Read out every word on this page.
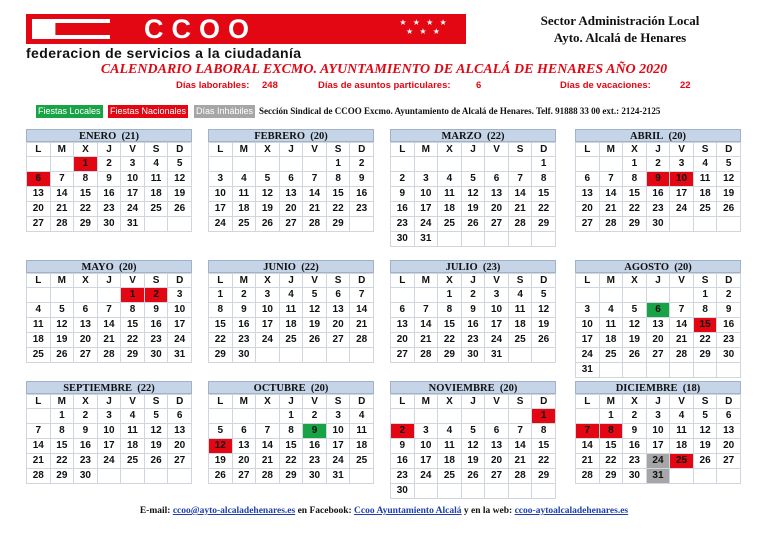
CCOO	★ ★ ★ ★
★ ★ ★
federacion de servicios a la ciudadanía
Sector Administración Local
Ayto. Alcalá de Henares
CALENDARIO LABORAL EXCMO. AYUNTAMIENTO DE ALCALÁ DE HENARES AÑO 2020
Días laborables: 248	Días de asuntos particulares:	6	Días de vacaciones:	22
Fiestas Locales Fiestas Nacionales Días Inhábiles Sección Sindical de CCOO Excmo. Ayuntamiento de Alcalá de Henares. Telf. 91888 33 00 ext.: 2124-2125
ENERO (21)
L	M	X	J	V	S	D
		1	2	3	4	5
6	7	8	9	10	11	12
13	14	15	16	17	18	19
20	21	22	23	24	25	26
27	28	29	30	31		
FEBRERO (20)
L	M	X	J	V	S	D
					1	2
3	4	5	6	7	8	9
10	11	12	13	14	15	16
17	18	19	20	21	22	23
24	25	26	27	28	29	
MARZO (22)
L	M	X	J	V	S	D
						1
2	3	4	5	6	7	8
9	10	11	12	13	14	15
16	17	18	19	20	21	22
23	24	25	26	27	28	29
30	31					
ABRIL (20)
L	M	X	J	V	S	D
		1	2	3	4	5
6	7	8	9	10	11	12
13	14	15	16	17	18	19
20	21	22	23	24	25	26
27	28	29	30			
MAYO (20)
L	M	X	J	V	S	D
				1	2	3
4	5	6	7	8	9	10
11	12	13	14	15	16	17
18	19	20	21	22	23	24
25	26	27	28	29	30	31
JUNIO (22)
L	M	X	J	V	S	D
1	2	3	4	5	6	7
8	9	10	11	12	13	14
15	16	17	18	19	20	21
22	23	24	25	26	27	28
29	30					
JULIO (23)
L	M	X	J	V	S	D
		1	2	3	4	5
6	7	8	9	10	11	12
13	14	15	16	17	18	19
20	21	22	23	24	25	26
27	28	29	30	31		
AGOSTO (20)
L	M	X	J	V	S	D
					1	2
3	4	5	6	7	8	9
10	11	12	13	14	15	16
17	18	19	20	21	22	23
24	25	26	27	28	29	30
31						
SEPTIEMBRE (22)
L	M	X	J	V	S	D
	1	2	3	4	5	6
7	8	9	10	11	12	13
14	15	16	17	18	19	20
21	22	23	24	25	26	27
28	29	30				
OCTUBRE (20)
L	M	X	J	V	S	D
			1	2	3	4
5	6	7	8	9	10	11
12	13	14	15	16	17	18
19	20	21	22	23	24	25
26	27	28	29	30	31	
NOVIEMBRE (20)
L	M	X	J	V	S	D
						1
2	3	4	5	6	7	8
9	10	11	12	13	14	15
16	17	18	19	20	21	22
23	24	25	26	27	28	29
30						
DICIEMBRE (18)
L	M	X	J	V	S	D
	1	2	3	4	5	6
7	8	9	10	11	12	13
14	15	16	17	18	19	20
21	22	23	24	25	26	27
28	29	30	31			
E-mail: ccoo@ayto-alcaladehenares.es en Facebook: Ccoo Ayuntamiento Alcalá y en la web: ccoo-aytoalcaladehenares.es
